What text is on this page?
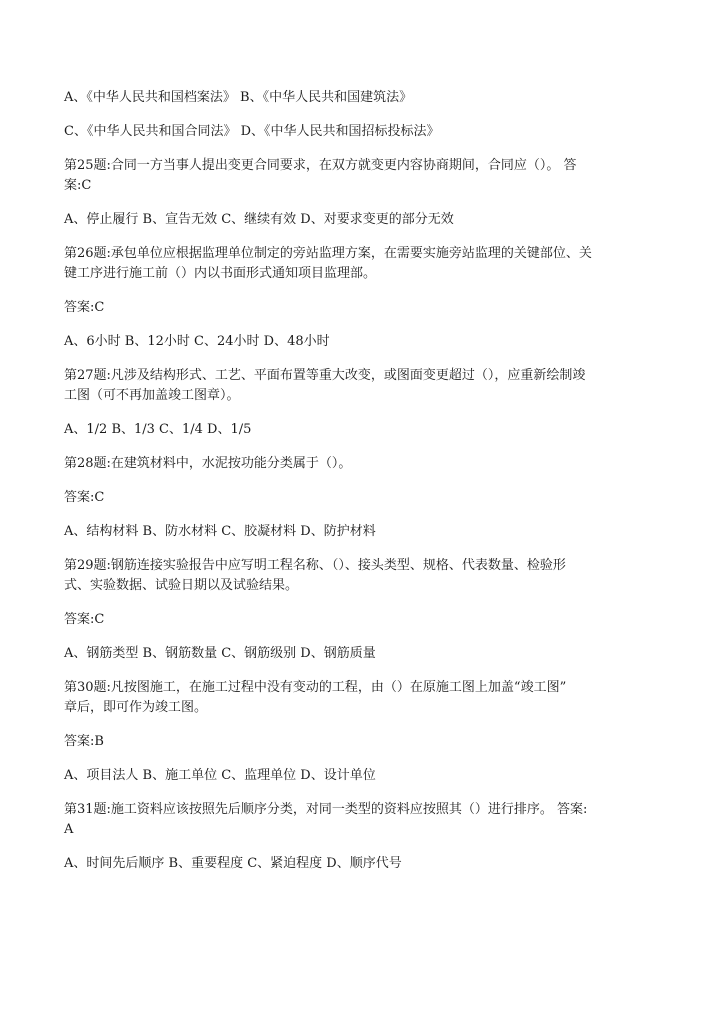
A、《中华人民共和国档案法》 B、《中华人民共和国建筑法》

C、《中华人民共和国合同法》 D、《中华人民共和国招标投标法》

第25题:合同一方当事人提出变更合同要求，在双方就变更内容协商期间，合同应（）。 答

案:C

A、停止履行 B、宣告无效 C、继续有效 D、对要求变更的部分无效

第26题:承包单位应根据监理单位制定的旁站监理方案，在需要实施旁站监理的关键部位、关

键工序进行施工前（）内以书面形式通知项目监理部。

答案:C

A、6小时 B、12小时 C、24小时 D、48小时

第27题:凡涉及结构形式、工艺、平面布置等重大改变，或图面变更超过（），应重新绘制竣

工图（可不再加盖竣工图章）。

A、1/2 B、1/3 C、1/4 D、1/5

第28题:在建筑材料中，水泥按功能分类属于（）。

答案:C

A、结构材料 B、防水材料 C、胶凝材料 D、防护材料

第29题:钢筋连接实验报告中应写明工程名称、（）、接头类型、规格、代表数量、检验形

式、实验数据、试验日期以及试验结果。

答案:C

A、钢筋类型 B、钢筋数量 C、钢筋级别 D、钢筋质量

第30题:凡按图施工，在施工过程中没有变动的工程，由（）在原施工图上加盖“竣工图”

章后，即可作为竣工图。

答案:B

A、项目法人 B、施工单位 C、监理单位 D、设计单位

第31题:施工资料应该按照先后顺序分类，对同一类型的资料应按照其（）进行排序。 答案:

A

A、时间先后顺序 B、重要程度 C、紧迫程度 D、顺序代号
